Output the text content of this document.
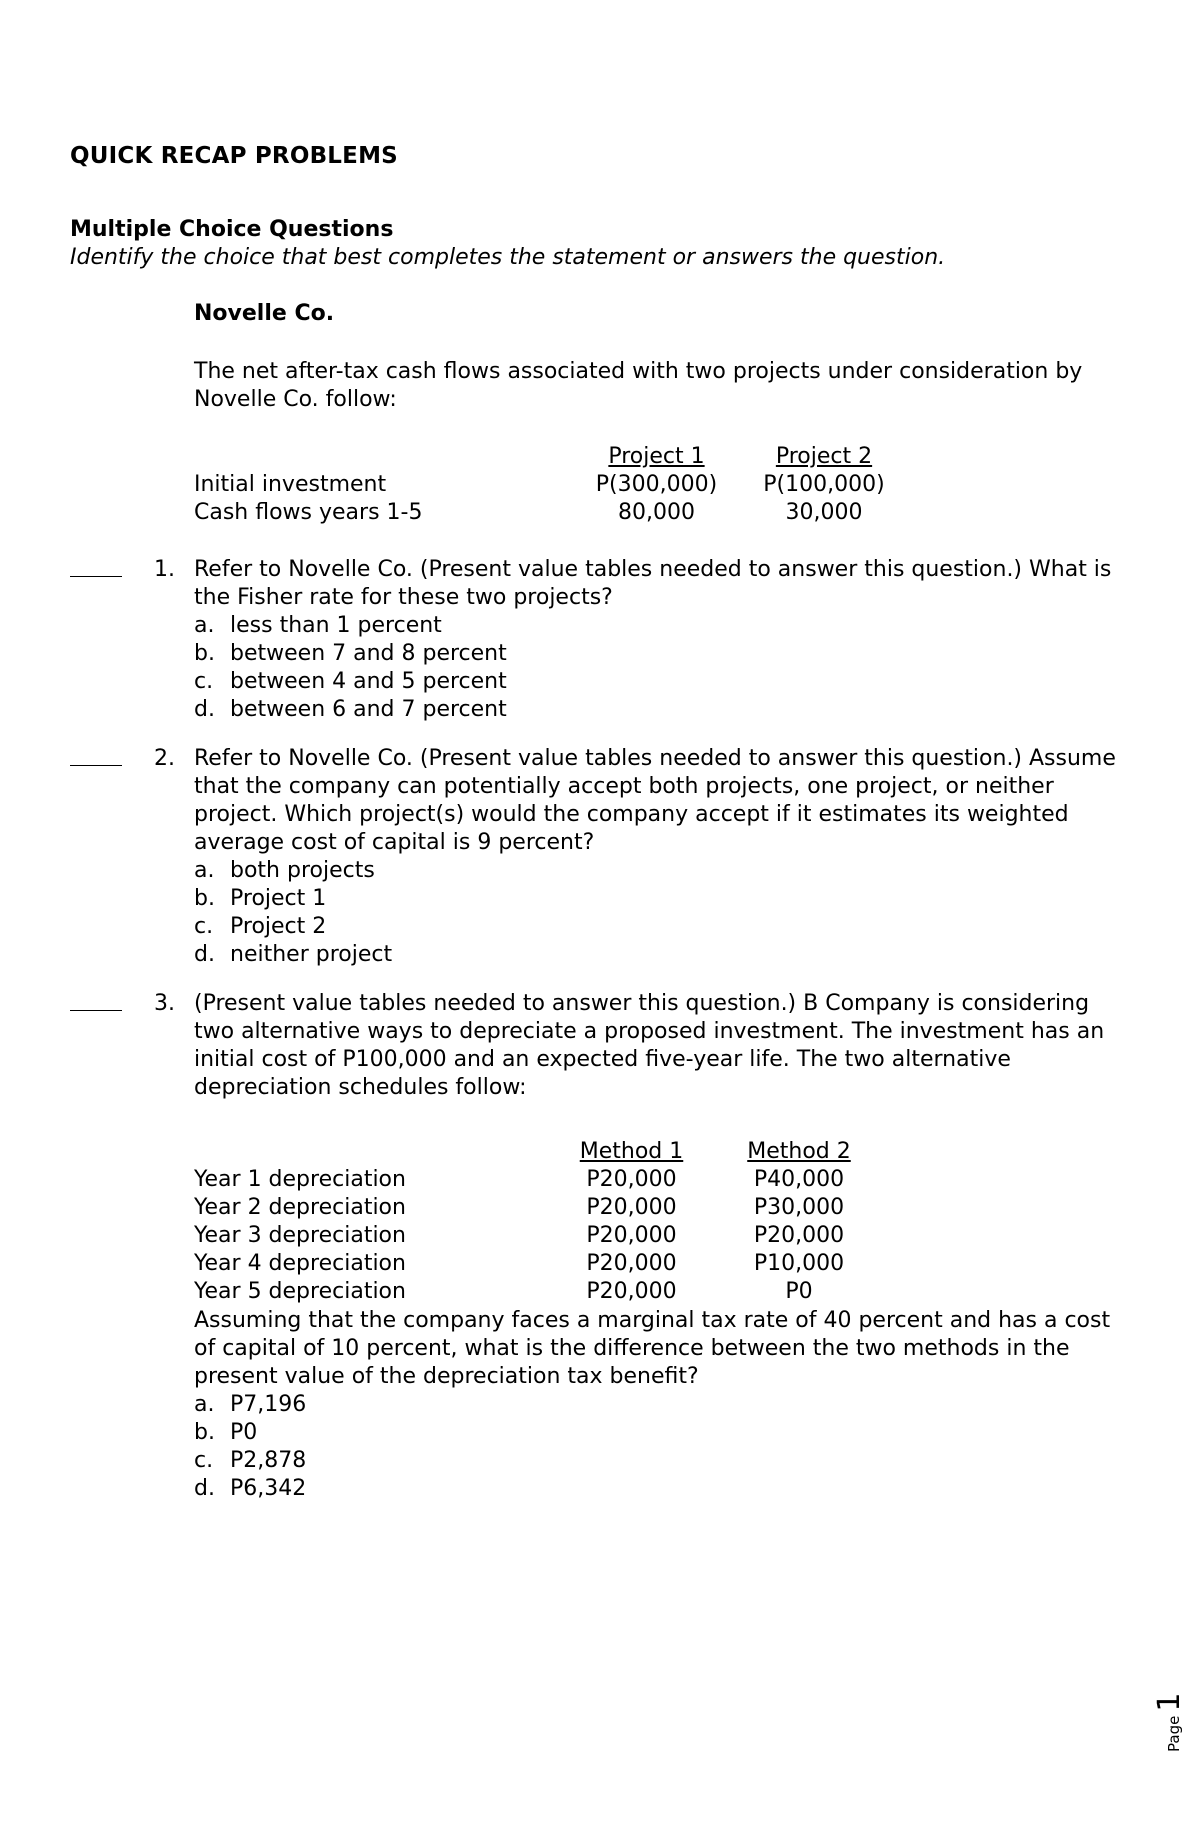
QUICK RECAP PROBLEMS
Multiple Choice Questions
Identify the choice that best completes the statement or answers the question.
Novelle Co.
The net after-tax cash flows associated with two projects under consideration by Novelle Co. follow:
	Project 1	Project 2
Initial investment	P(300,000)	P(100,000)
Cash flows years 1-5	80,000	30,000
1. Refer to Novelle Co. (Present value tables needed to answer this question.) What is the Fisher rate for these two projects?

a. less than 1 percent
b. between 7 and 8 percent
c. between 4 and 5 percent
d. between 6 and 7 percent
2. Refer to Novelle Co. (Present value tables needed to answer this question.) Assume that the company can potentially accept both projects, one project, or neither project. Which project(s) would the company accept if it estimates its weighted average cost of capital is 9 percent?

a. both projects
b. Project 1
c. Project 2
d. neither project
3. (Present value tables needed to answer this question.) B Company is considering two alternative ways to depreciate a proposed investment. The investment has an initial cost of P100,000 and an expected five-year life. The two alternative depreciation schedules follow:

	Method 1	Method 2
Year 1 depreciation	P20,000	P40,000
Year 2 depreciation	P20,000	P30,000
Year 3 depreciation	P20,000	P20,000
Year 4 depreciation	P20,000	P10,000
Year 5 depreciation	P20,000	P0

Assuming that the company faces a marginal tax rate of 40 percent and has a cost of capital of 10 percent, what is the difference between the two methods in the present value of the depreciation tax benefit?

a. P7,196
b. P0
c. P2,878
d. P6,342
Page1
